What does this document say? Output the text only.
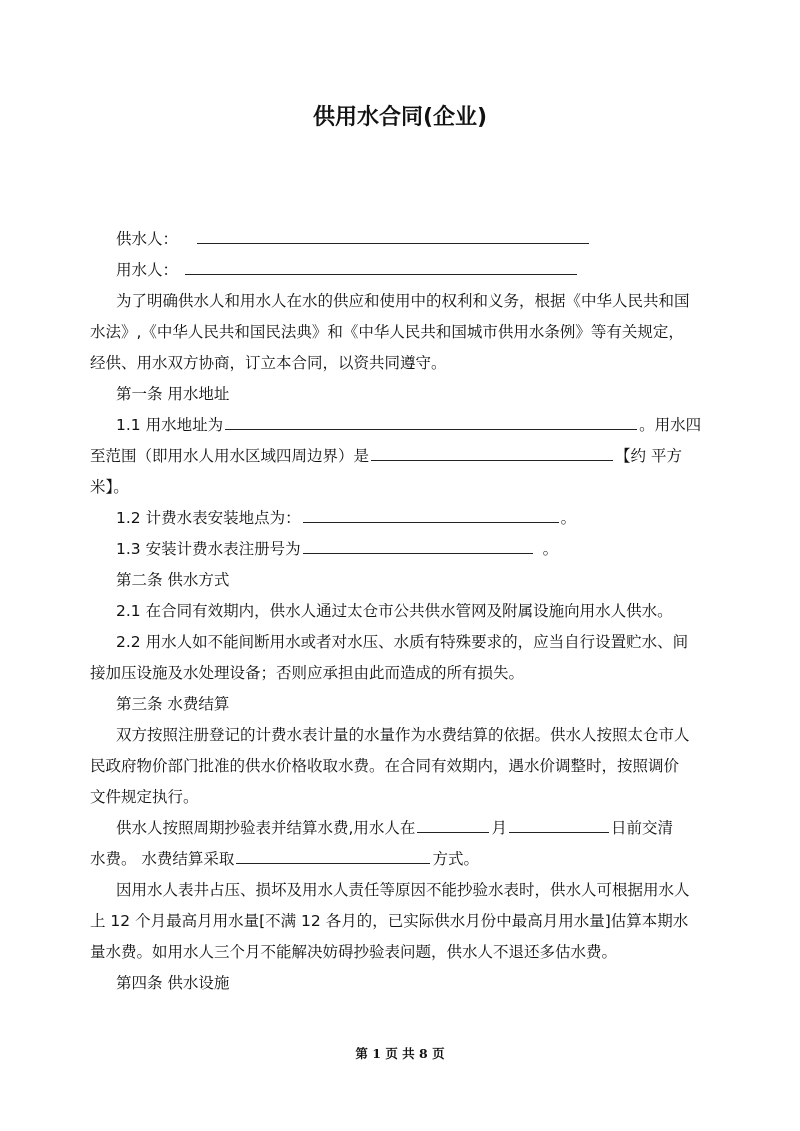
供用水合同(企业)
供水人：
用水人：
为了明确供水人和用水人在水的供应和使用中的权利和义务，根据《中华人民共和国
水法》,《中华人民共和国民法典》和《中华人民共和国城市供用水条例》等有关规定，
经供、用水双方协商，订立本合同，以资共同遵守。
第一条 用水地址
1.1 用水地址为	。用水四
至范围（即用水人用水区域四周边界）是	【约 平方
米】。
1.2 计费水表安装地点为：	。
1.3 安装计费水表注册号为	。
第二条 供水方式
2.1 在合同有效期内，供水人通过太仓市公共供水管网及附属设施向用水人供水。
2.2 用水人如不能间断用水或者对水压、水质有特殊要求的，应当自行设置贮水、间
接加压设施及水处理设备；否则应承担由此而造成的所有损失。
第三条 水费结算
双方按照注册登记的计费水表计量的水量作为水费结算的依据。供水人按照太仓市人
民政府物价部门批准的供水价格收取水费。在合同有效期内，遇水价调整时，按照调价
文件规定执行。
供水人按照周期抄验表并结算水费,用水人在	月	日前交清
水费。 水费结算采取	方式。
因用水人表井占压、损坏及用水人责任等原因不能抄验水表时，供水人可根据用水人
上 12 个月最高月用水量[不满 12 各月的，已实际供水月份中最高月用水量]估算本期水
量水费。如用水人三个月不能解决妨碍抄验表问题，供水人不退还多估水费。
第四条 供水设施
第 1 页 共 8 页
